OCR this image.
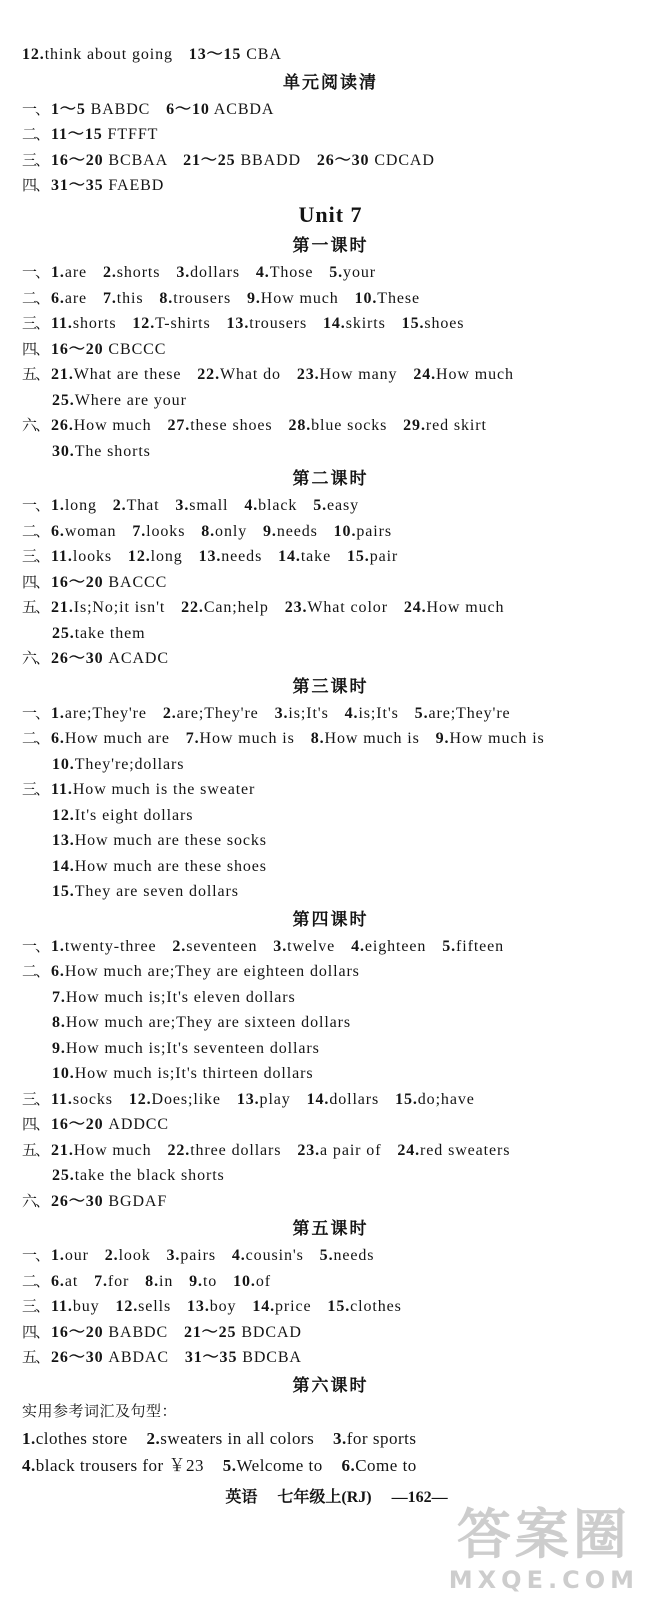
12.think about going 13～15 CBA
单元阅读清
一、 1～5 BABDC 6～10 ACBDA
二、 11～15 FTFFT
三、 16～20 BCBAA 21～25 BBADD 26～30 CDCAD
四、 31～35 FAEBD
Unit 7
第一课时
一、 1.are 2.shorts 3.dollars 4.Those 5.your
二、 6.are 7.this 8.trousers 9.How much 10.These
三、 11.shorts 12.T-shirts 13.trousers 14.skirts 15.shoes
四、 16～20 CBCCC
五、 21.What are these 22.What do 23.How many 24.How much
25.Where are your
六、 26.How much 27.these shoes 28.blue socks 29.red skirt
30.The shorts
第二课时
一、 1.long 2.That 3.small 4.black 5.easy
二、 6.woman 7.looks 8.only 9.needs 10.pairs
三、 11.looks 12.long 13.needs 14.take 15.pair
四、 16～20 BACCC
五、 21.Is;No;it isn't 22.Can;help 23.What color 24.How much
25.take them
六、 26～30 ACADC
第三课时
一、 1.are;They're 2.are;They're 3.is;It's 4.is;It's 5.are;They're
二、 6.How much are 7.How much is 8.How much is 9.How much is
10.They're;dollars
三、 11.How much is the sweater
12.It's eight dollars
13.How much are these socks
14.How much are these shoes
15.They are seven dollars
第四课时
一、 1.twenty-three 2.seventeen 3.twelve 4.eighteen 5.fifteen
二、 6.How much are;They are eighteen dollars
7.How much is;It's eleven dollars
8.How much are;They are sixteen dollars
9.How much is;It's seventeen dollars
10.How much is;It's thirteen dollars
三、 11.socks 12.Does;like 13.play 14.dollars 15.do;have
四、 16～20 ADDCC
五、 21.How much 22.three dollars 23.a pair of 24.red sweaters
25.take the black shorts
六、 26～30 BGDAF
第五课时
一、 1.our 2.look 3.pairs 4.cousin's 5.needs
二、 6.at 7.for 8.in 9.to 10.of
三、 11.buy 12.sells 13.boy 14.price 15.clothes
四、 16～20 BABDC 21～25 BDCAD
五、 26～30 ABDAC 31～35 BDCBA
第六课时
实用参考词汇及句型：
1.clothes store 2.sweaters in all colors 3.for sports
4.black trousers for ￥23 5.Welcome to 6.Come to
英语 七年级上(RJ) —162—
答案圈
MXQE.COM
